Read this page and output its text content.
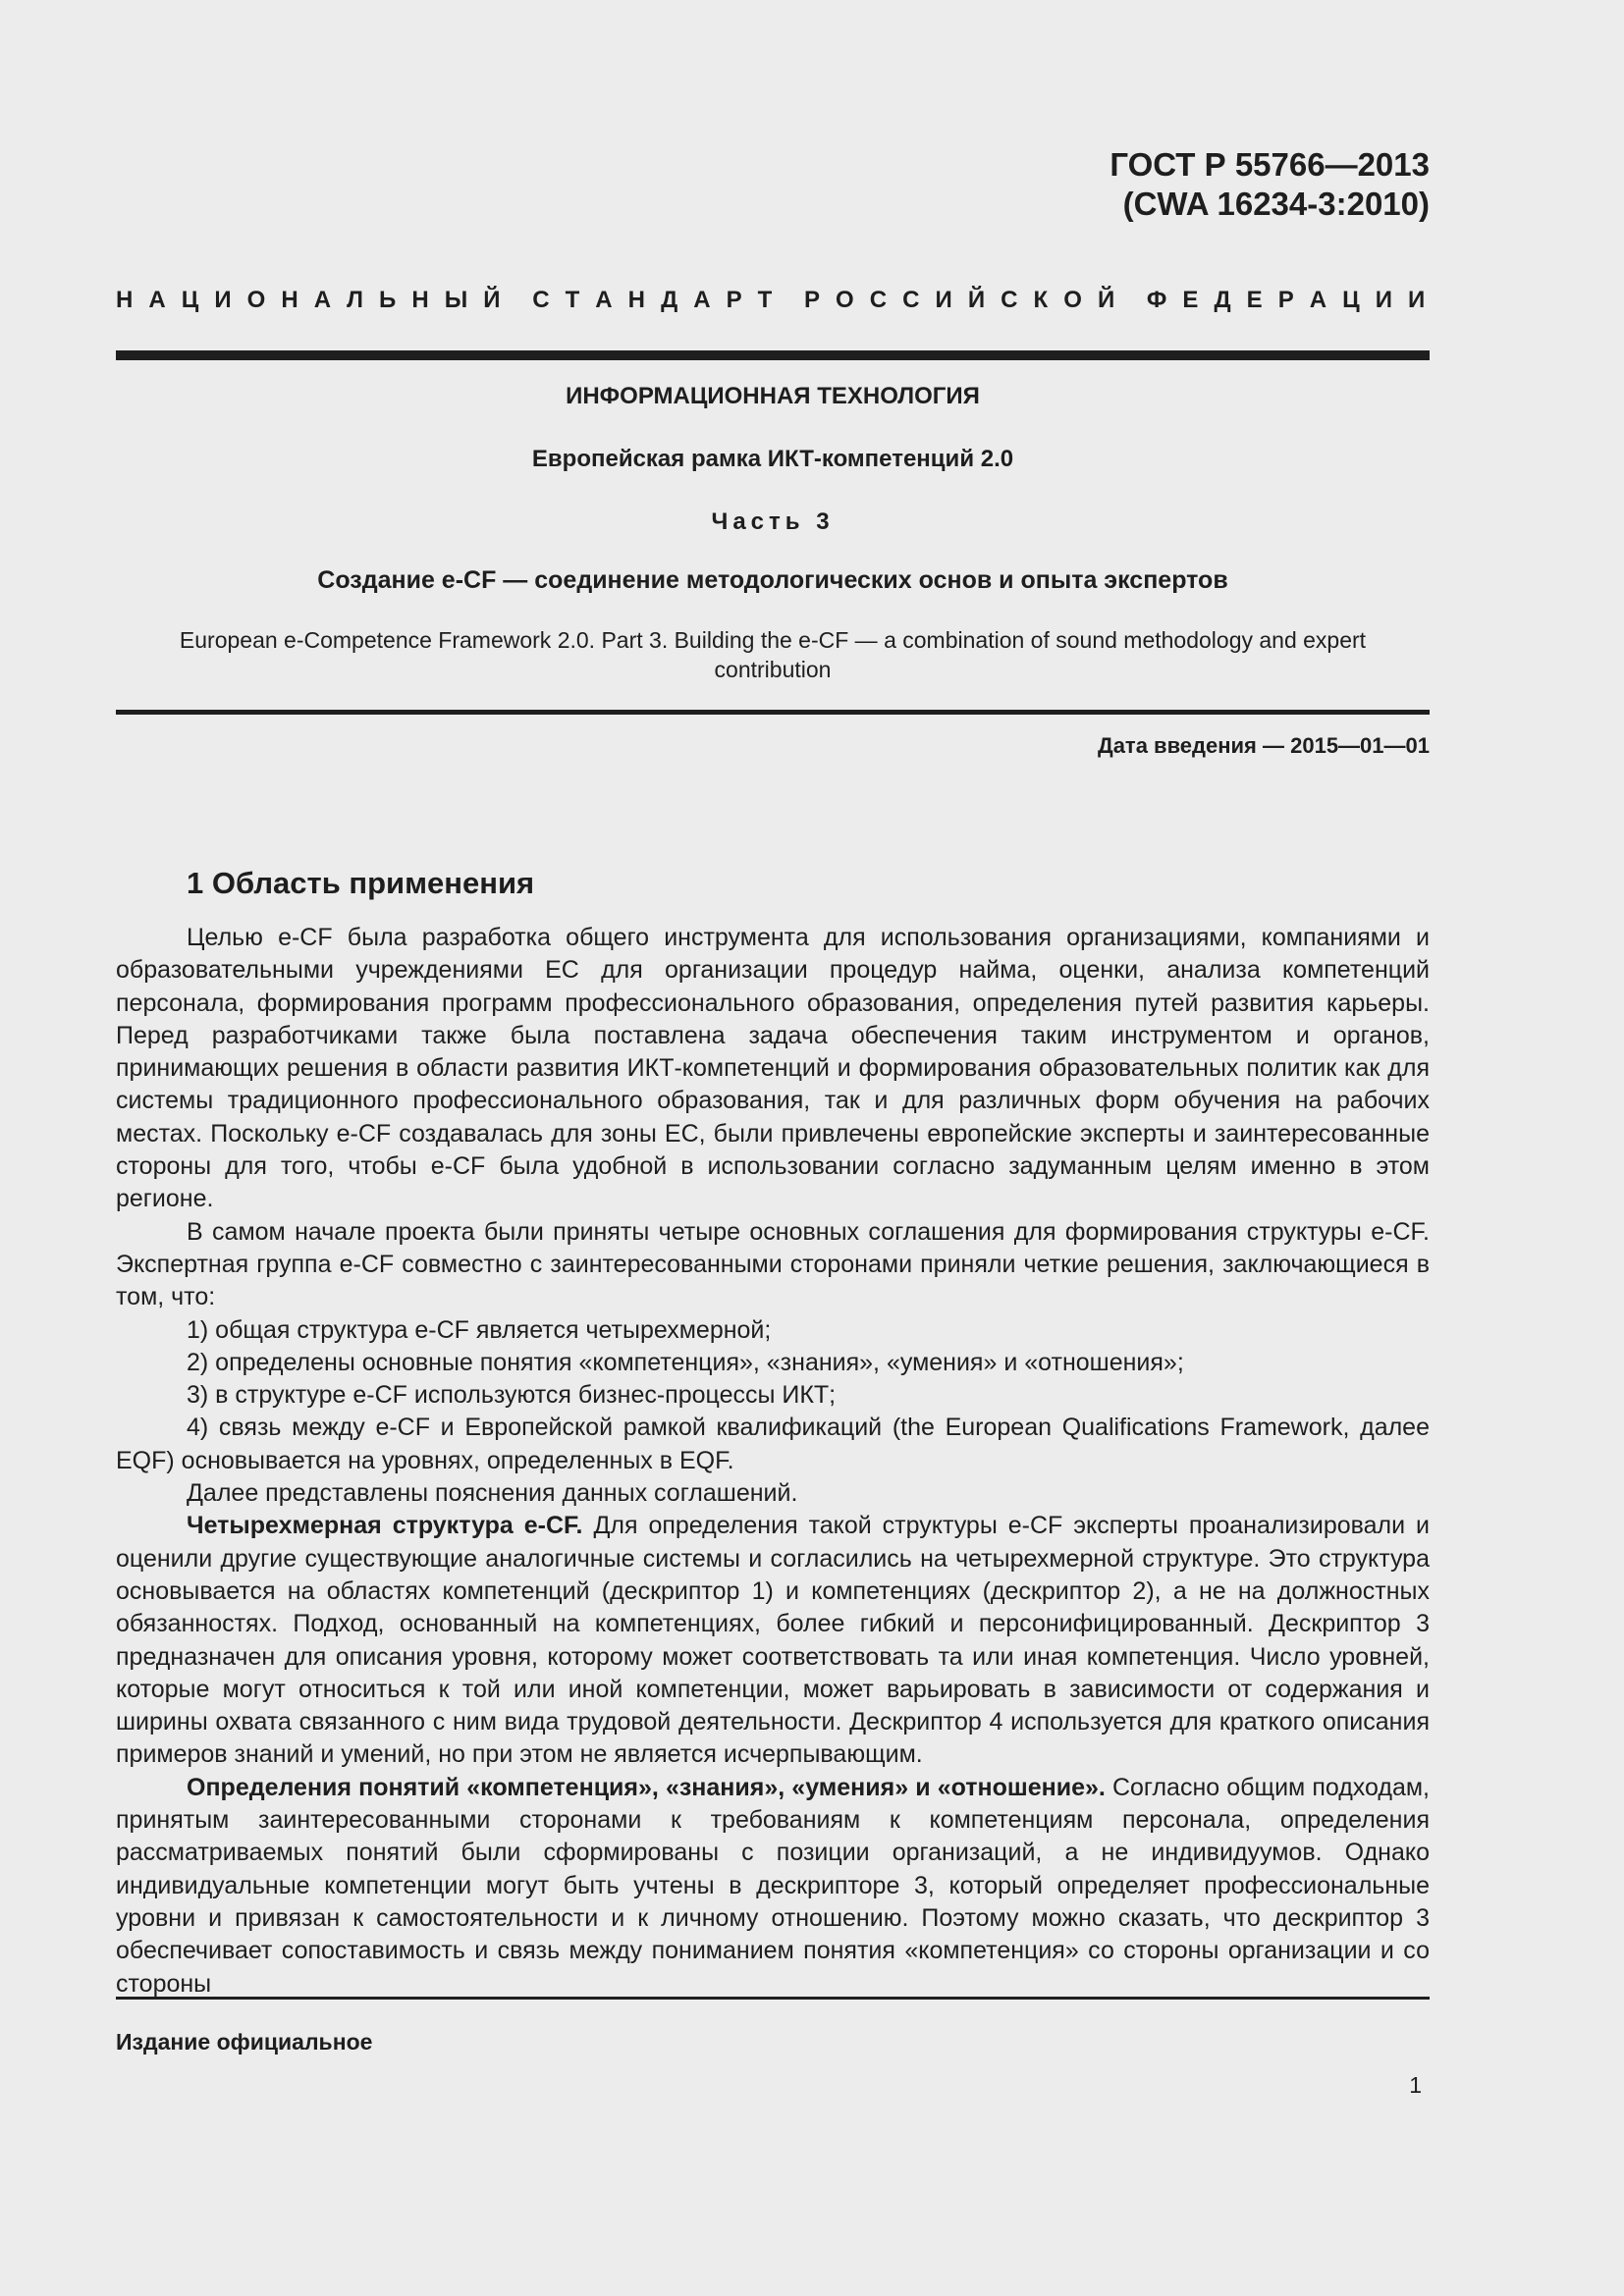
ГОСТ Р 55766—2013
(CWA 16234-3:2010)
Н А Ц И О Н А Л Ь Н Ы Й С Т А Н Д А Р Т Р О С С И Й С К О Й Ф Е Д Е Р А Ц И И
ИНФОРМАЦИОННАЯ ТЕХНОЛОГИЯ
Европейская рамка ИКТ-компетенций 2.0
Часть 3
Создание e-CF — соединение методологических основ и опыта экспертов
European e-Competence Framework 2.0. Part 3. Building the e-CF — a combination of sound methodology and expert contribution
Дата введения — 2015—01—01
1 Область применения

Целью e-CF была разработка общего инструмента для использования организациями, компаниями и образовательными учреждениями ЕС для организации процедур найма, оценки, анализа компетенций персонала, формирования программ профессионального образования, определения путей развития карьеры. Перед разработчиками также была поставлена задача обеспечения таким инструментом и органов, принимающих решения в области развития ИКТ-компетенций и формирования образовательных политик как для системы традиционного профессионального образования, так и для различных форм обучения на рабочих местах. Поскольку e-CF создавалась для зоны ЕС, были привлечены европейские эксперты и заинтересованные стороны для того, чтобы e-CF была удобной в использовании согласно задуманным целям именно в этом регионе.

В самом начале проекта были приняты четыре основных соглашения для формирования структуры e-CF. Экспертная группа e-CF совместно с заинтересованными сторонами приняли четкие решения, заключающиеся в том, что:

1) общая структура e-CF является четырехмерной;

2) определены основные понятия «компетенция», «знания», «умения» и «отношения»;

3) в структуре e-CF используются бизнес-процессы ИКТ;

4) связь между e-CF и Европейской рамкой квалификаций (the European Qualifications Framework, далее EQF) основывается на уровнях, определенных в EQF.

Далее представлены пояснения данных соглашений.

Четырехмерная структура e-CF. Для определения такой структуры e-CF эксперты проанализировали и оценили другие существующие аналогичные системы и согласились на четырехмерной структуре. Это структура основывается на областях компетенций (дескриптор 1) и компетенциях (дескриптор 2), а не на должностных обязанностях. Подход, основанный на компетенциях, более гибкий и персонифицированный. Дескриптор 3 предназначен для описания уровня, которому может соответствовать та или иная компетенция. Число уровней, которые могут относиться к той или иной компетенции, может варьировать в зависимости от содержания и ширины охвата связанного с ним вида трудовой деятельности. Дескриптор 4 используется для краткого описания примеров знаний и умений, но при этом не является исчерпывающим.

Определения понятий «компетенция», «знания», «умения» и «отношение». Согласно общим подходам, принятым заинтересованными сторонами к требованиям к компетенциям персонала, определения рассматриваемых понятий были сформированы с позиции организаций, а не индивидуумов. Однако индивидуальные компетенции могут быть учтены в дескрипторе 3, который определяет профессиональные уровни и привязан к самостоятельности и к личному отношению. Поэтому можно сказать, что дескриптор 3 обеспечивает сопоставимость и связь между пониманием понятия «компетенция» со стороны организации и со стороны

Издание официальное
1
